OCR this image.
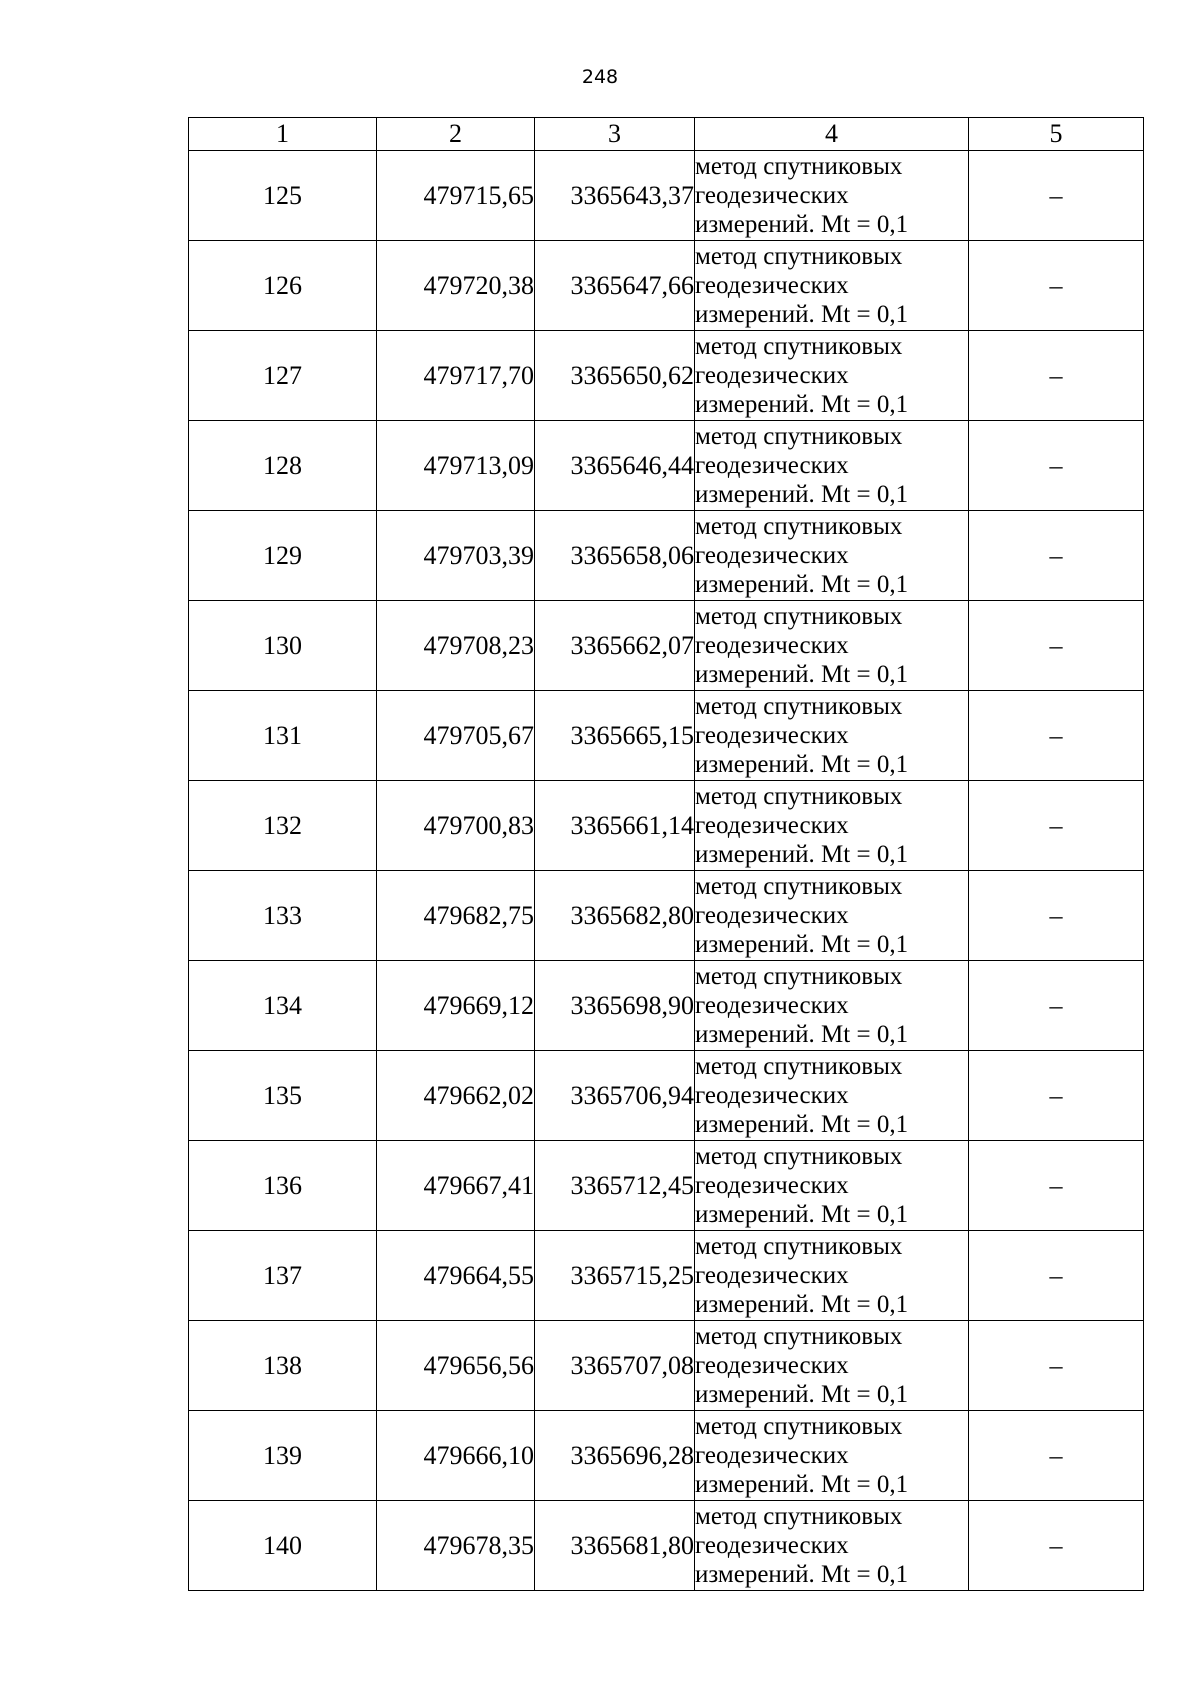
248
1	2	3	4	5
125	479715,65	3365643,37	метод спутниковых
геодезических
измерений. Mt = 0,1	–
126	479720,38	3365647,66	метод спутниковых
геодезических
измерений. Mt = 0,1	–
127	479717,70	3365650,62	метод спутниковых
геодезических
измерений. Mt = 0,1	–
128	479713,09	3365646,44	метод спутниковых
геодезических
измерений. Mt = 0,1	–
129	479703,39	3365658,06	метод спутниковых
геодезических
измерений. Mt = 0,1	–
130	479708,23	3365662,07	метод спутниковых
геодезических
измерений. Mt = 0,1	–
131	479705,67	3365665,15	метод спутниковых
геодезических
измерений. Mt = 0,1	–
132	479700,83	3365661,14	метод спутниковых
геодезических
измерений. Mt = 0,1	–
133	479682,75	3365682,80	метод спутниковых
геодезических
измерений. Mt = 0,1	–
134	479669,12	3365698,90	метод спутниковых
геодезических
измерений. Mt = 0,1	–
135	479662,02	3365706,94	метод спутниковых
геодезических
измерений. Mt = 0,1	–
136	479667,41	3365712,45	метод спутниковых
геодезических
измерений. Mt = 0,1	–
137	479664,55	3365715,25	метод спутниковых
геодезических
измерений. Mt = 0,1	–
138	479656,56	3365707,08	метод спутниковых
геодезических
измерений. Mt = 0,1	–
139	479666,10	3365696,28	метод спутниковых
геодезических
измерений. Mt = 0,1	–
140	479678,35	3365681,80	метод спутниковых
геодезических
измерений. Mt = 0,1	–
